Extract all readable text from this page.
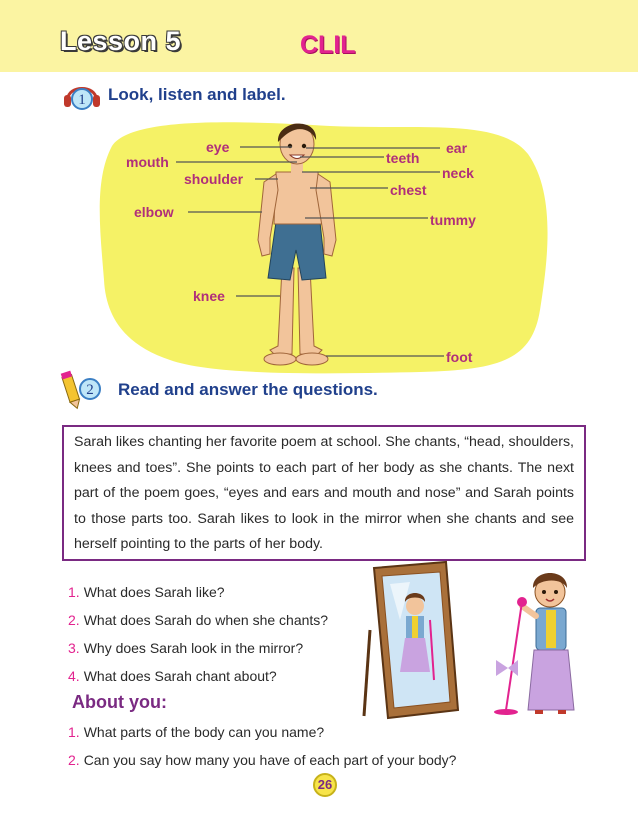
Lesson 5	CLIL
1 Look, listen and label.
eye
mouth
shoulder
elbow
knee
ear
teeth
neck
chest
tummy
foot
2 Read and answer the questions.
Sarah likes chanting her favorite poem at school. She chants, “head, shoulders, knees and toes”. She points to each part of her body as she chants. The next part of the poem goes, “eyes and ears and mouth and nose” and Sarah points to those parts too. Sarah likes to look in the mirror when she chants and see herself pointing to the parts of her body.
1. What does Sarah like?
2. What does Sarah do when she chants?
3. Why does Sarah look in the mirror?
4. What does Sarah chant about?
About you:
1. What parts of the body can you name?
2. Can you say how many you have of each part of your body?
26
